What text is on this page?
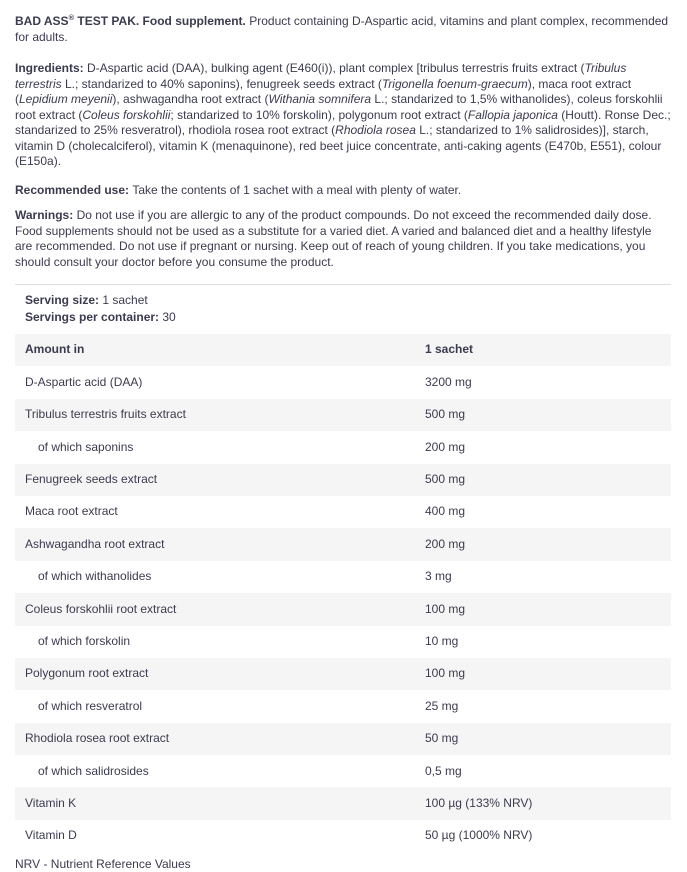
BAD ASS® TEST PAK. Food supplement. Product containing D-Aspartic acid, vitamins and plant complex, recommended for adults.

Ingredients: D-Aspartic acid (DAA), bulking agent (E460(i)), plant complex [tribulus terrestris fruits extract (Tribulus terrestris L.; standarized to 40% saponins), fenugreek seeds extract (Trigonella foenum-graecum), maca root extract (Lepidium meyenii), ashwagandha root extract (Withania somnifera L.; standarized to 1,5% withanolides), coleus forskohlii root extract (Coleus forskohlii; standarized to 10% forskolin), polygonum root extract (Fallopia japonica (Houtt). Ronse Dec.; standarized to 25% resveratrol), rhodiola rosea root extract (Rhodiola rosea L.; standarized to 1% salidrosides)], starch, vitamin D (cholecalciferol), vitamin K (menaquinone), red beet juice concentrate, anti-caking agents (E470b, E551), colour (E150a).

Recommended use: Take the contents of 1 sachet with a meal with plenty of water.

Warnings: Do not use if you are allergic to any of the product compounds. Do not exceed the recommended daily dose. Food supplements should not be used as a substitute for a varied diet. A varied and balanced diet and a healthy lifestyle are recommended. Do not use if pregnant or nursing. Keep out of reach of young children. If you take medications, you should consult your doctor before you consume the product.

Serving size: 1 sachet
Servings per container: 30
Amount in	1 sachet
D-Aspartic acid (DAA)	3200 mg
Tribulus terrestris fruits extract	500 mg
of which saponins	200 mg
Fenugreek seeds extract	500 mg
Maca root extract	400 mg
Ashwagandha root extract	200 mg
of which withanolides	3 mg
Coleus forskohlii root extract	100 mg
of which forskolin	10 mg
Polygonum root extract	100 mg
of which resveratrol	25 mg
Rhodiola rosea root extract	50 mg
of which salidrosides	0,5 mg
Vitamin K	100 µg (133% NRV)
Vitamin D	50 µg (1000% NRV)
NRV - Nutrient Reference Values
